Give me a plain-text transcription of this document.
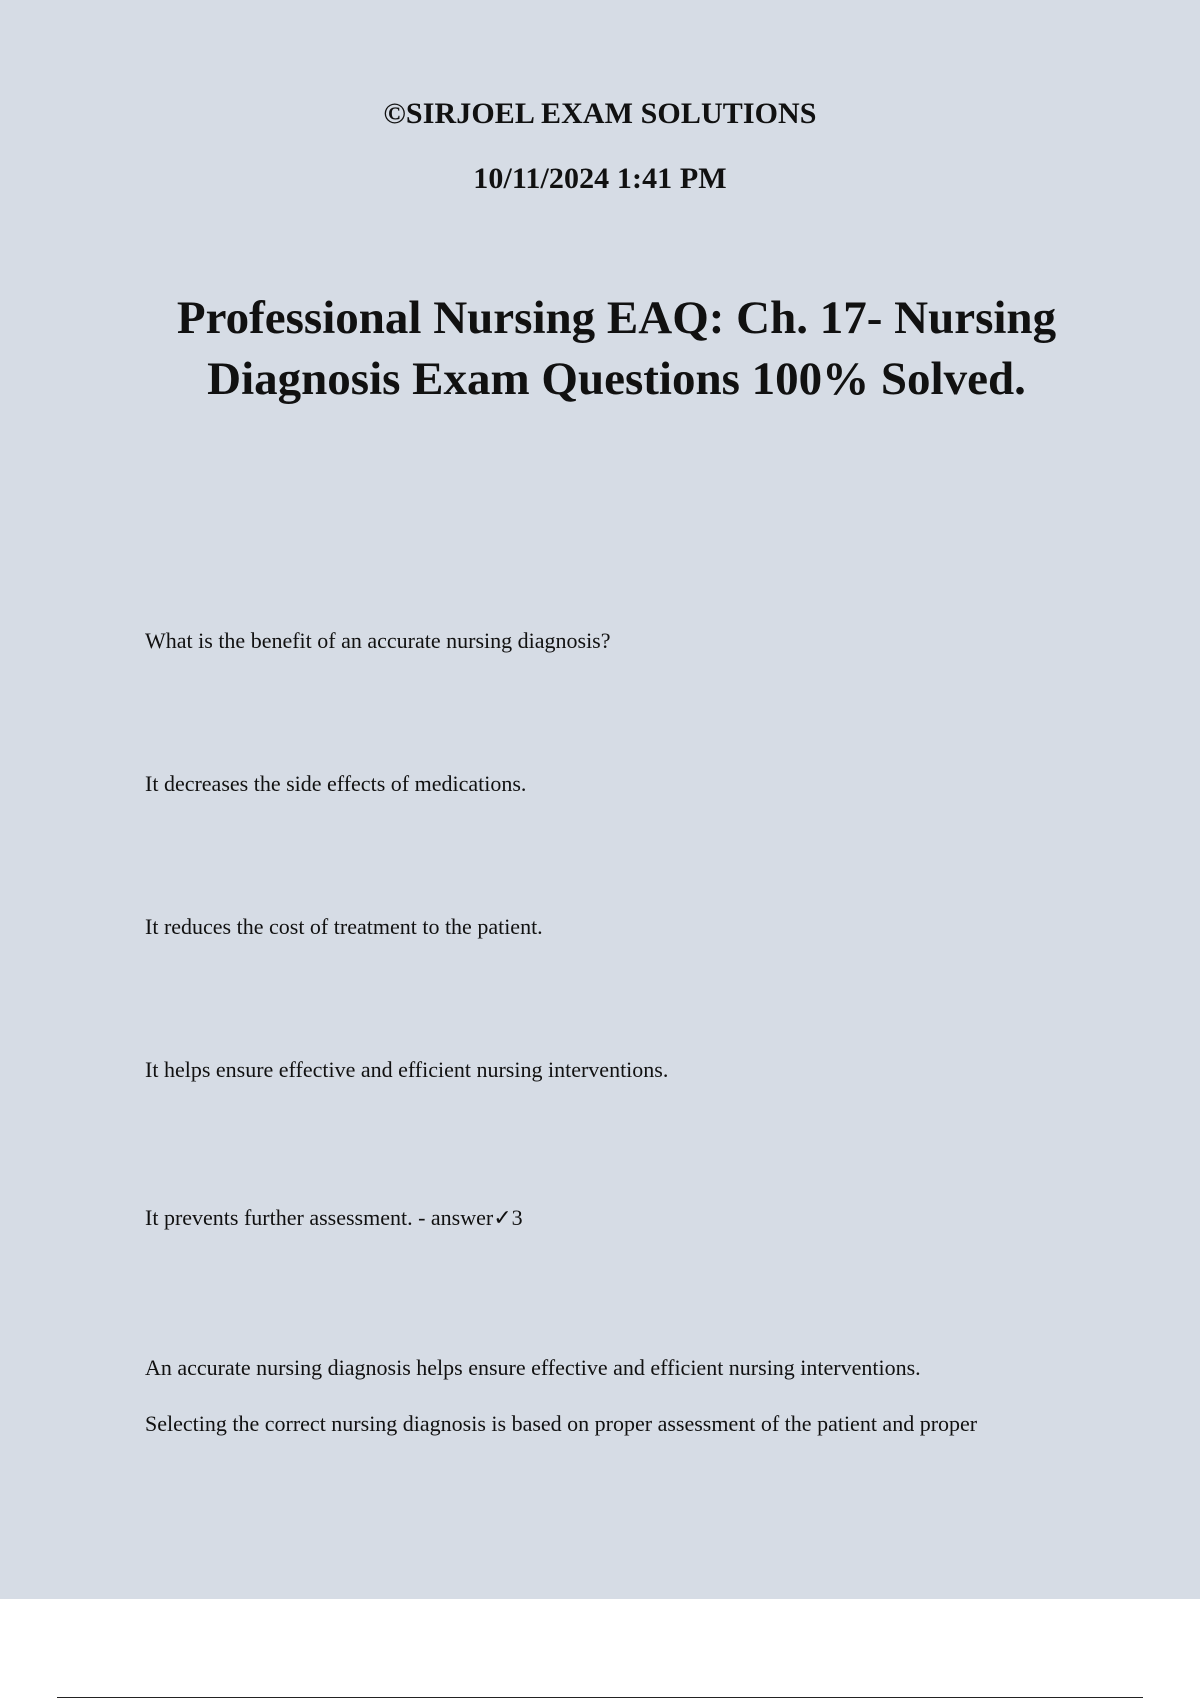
©SIRJOEL EXAM SOLUTIONS
10/11/2024 1:41 PM
Professional Nursing EAQ: Ch. 17- Nursing Diagnosis Exam Questions 100% Solved.
What is the benefit of an accurate nursing diagnosis?
It decreases the side effects of medications.
It reduces the cost of treatment to the patient.
It helps ensure effective and efficient nursing interventions.
It prevents further assessment. - answer✓3
An accurate nursing diagnosis helps ensure effective and efficient nursing interventions.
Selecting the correct nursing diagnosis is based on proper assessment of the patient and proper
